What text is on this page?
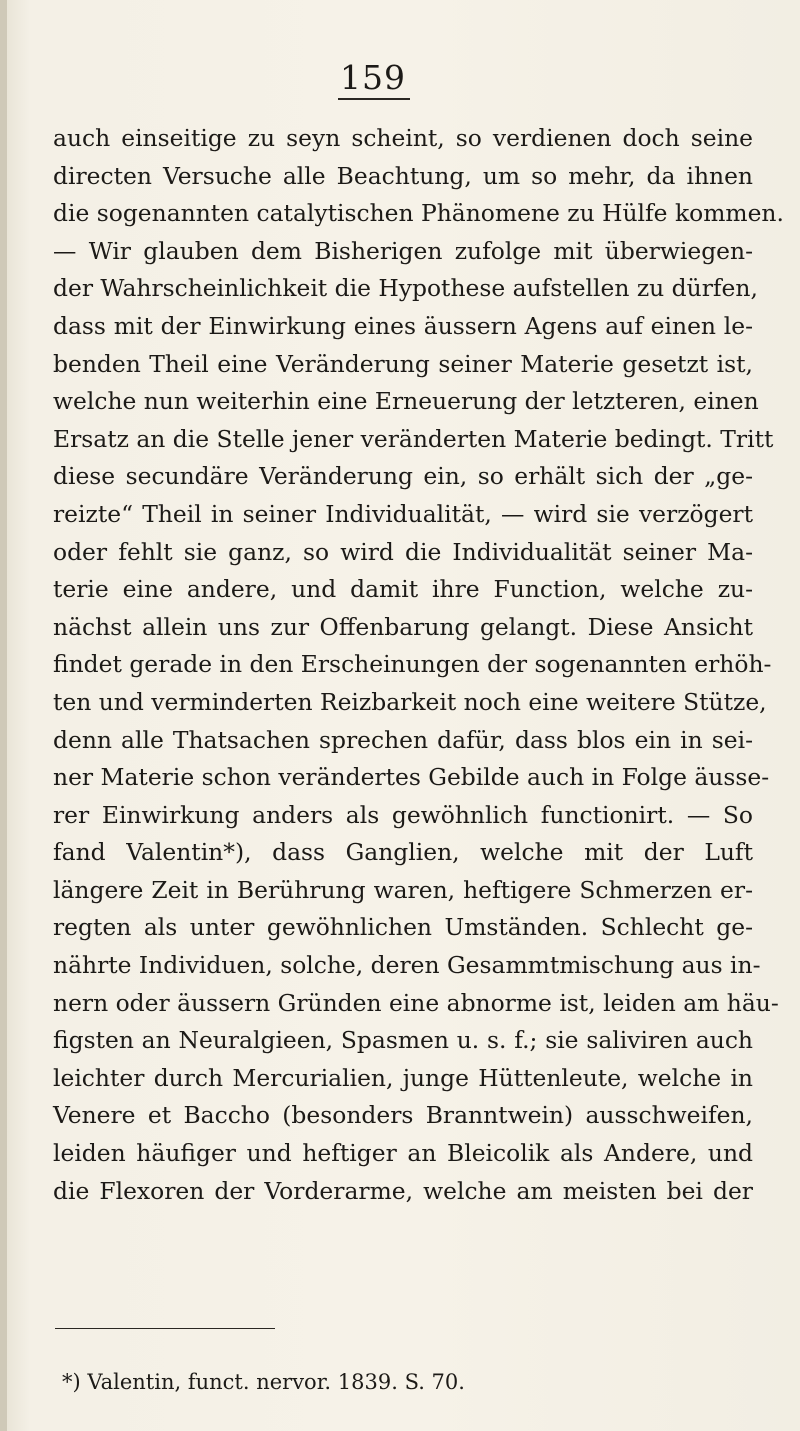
159
auch einseitige zu seyn scheint, so verdienen doch seine
directen Versuche alle Beachtung, um so mehr, da ihnen
die sogenannten catalytischen Phänomene zu Hülfe kommen.
— Wir glauben dem Bisherigen zufolge mit überwiegen-
der Wahrscheinlichkeit die Hypothese aufstellen zu dürfen,
dass mit der Einwirkung eines äussern Agens auf einen le-
benden Theil eine Veränderung seiner Materie gesetzt ist,
welche nun weiterhin eine Erneuerung der letzteren, einen
Ersatz an die Stelle jener veränderten Materie bedingt. Tritt
diese secundäre Veränderung ein, so erhält sich der „ge-
reizte“ Theil in seiner Individualität, — wird sie verzögert
oder fehlt sie ganz, so wird die Individualität seiner Ma-
terie eine andere, und damit ihre Function, welche zu-
nächst allein uns zur Offenbarung gelangt. Diese Ansicht
findet gerade in den Erscheinungen der sogenannten erhöh-
ten und verminderten Reizbarkeit noch eine weitere Stütze,
denn alle Thatsachen sprechen dafür, dass blos ein in sei-
ner Materie schon verändertes Gebilde auch in Folge äusse-
rer Einwirkung anders als gewöhnlich functionirt. — So
fand Valentin*), dass Ganglien, welche mit der Luft
längere Zeit in Berührung waren, heftigere Schmerzen er-
regten als unter gewöhnlichen Umständen. Schlecht ge-
nährte Individuen, solche, deren Gesammtmischung aus in-
nern oder äussern Gründen eine abnorme ist, leiden am häu-
figsten an Neuralgieen, Spasmen u. s. f.; sie saliviren auch
leichter durch Mercurialien, junge Hüttenleute, welche in
Venere et Baccho (besonders Branntwein) ausschweifen,
leiden häufiger und heftiger an Bleicolik als Andere, und
die Flexoren der Vorderarme, welche am meisten bei der
*) Valentin, funct. nervor. 1839. S. 70.
